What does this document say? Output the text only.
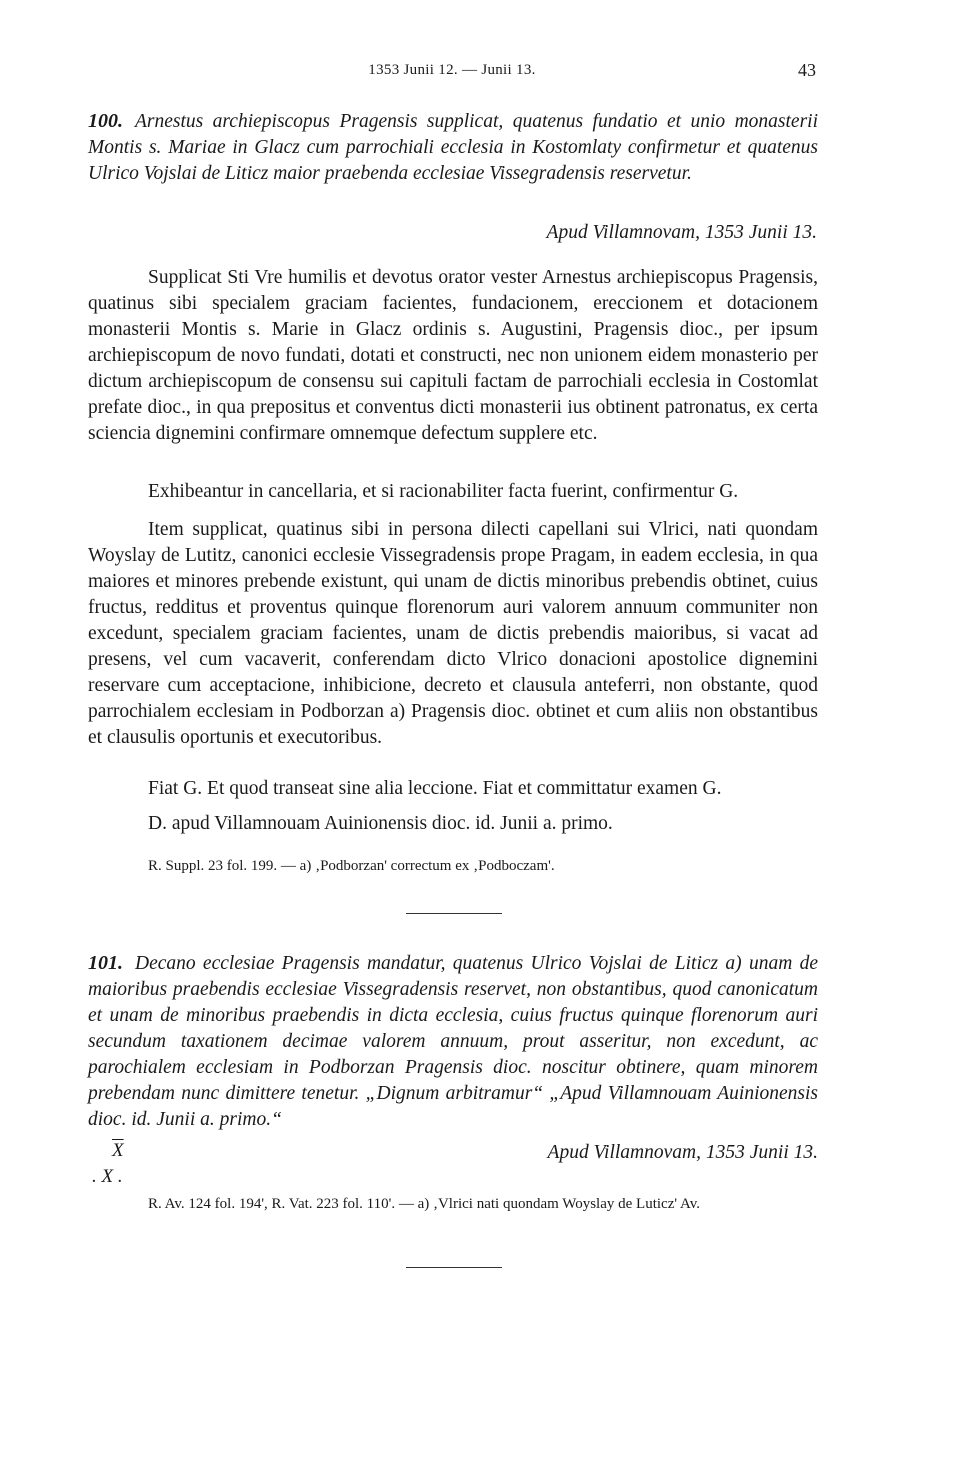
1353 Junii 12. — Junii 13.	43
100. Arnestus archiepiscopus Pragensis supplicat, quatenus fundatio et unio monasterii Montis s. Mariae in Glacz cum parrochiali ecclesia in Kostomlaty confirmetur et quatenus Ulrico Vojslai de Liticz maior praebenda ecclesiae Vissegradensis reservetur.
Apud Villamnovam, 1353 Junii 13.

Supplicat Sti Vre humilis et devotus orator vester Arnestus archiepiscopus Pragensis, quatinus sibi specialem graciam facientes, fundacionem, ereccionem et dotacionem monasterii Montis s. Marie in Glacz ordinis s. Augustini, Pragensis dioc., per ipsum archiepiscopum de novo fundati, dotati et constructi, nec non unionem eidem monasterio per dictum archiepiscopum de consensu sui capituli factam de parrochiali ecclesia in Costomlat prefate dioc., in qua prepositus et conventus dicti monasterii ius obtinent patronatus, ex certa sciencia dignemini confirmare omnemque defectum supplere etc.

Exhibeantur in cancellaria, et si racionabiliter facta fuerint, confirmentur G.

Item supplicat, quatinus sibi in persona dilecti capellani sui Vlrici, nati quondam Woyslay de Lutitz, canonici ecclesie Vissegradensis prope Pragam, in eadem ecclesia, in qua maiores et minores prebende existunt, qui unam de dictis minoribus prebendis obtinet, cuius fructus, redditus et proventus quinque florenorum auri valorem annuum communiter non excedunt, specialem graciam facientes, unam de dictis prebendis maioribus, si vacat ad presens, vel cum vacaverit, conferendam dicto Vlrico donacioni apostolice dignemini reservare cum acceptacione, inhibicione, decreto et clausula anteferri, non obstante, quod parrochialem ecclesiam in Podborzan a) Pragensis dioc. obtinet et cum aliis non obstantibus et clausulis oportunis et executoribus.

Fiat G. Et quod transeat sine alia leccione. Fiat et committatur examen G.
D. apud Villamnouam Auinionensis dioc. id. Junii a. primo.
R. Suppl. 23 fol. 199. — a) ‚Podborzan' correctum ex ‚Podboczam'.
101. Decano ecclesiae Pragensis mandatur, quatenus Ulrico Vojslai de Liticz a) unam de maioribus praebendis ecclesiae Vissegradensis reservet, non obstantibus, quod canonicatum et unam de minoribus praebendis in dicta ecclesia, cuius fructus quinque florenorum auri secundum taxationem decimae valorem annuum, prout asseritur, non excedunt, ac parochialem ecclesiam in Podborzan Pragensis dioc. noscitur obtinere, quam minorem prebendam nunc dimittere tenetur. „Dignum arbitramur“ „Apud Villamnouam Auinionensis dioc. id. Junii a. primo.“
$\overline{X}$
. X .
Apud Villamnovam, 1353 Junii 13.

R. Av. 124 fol. 194', R. Vat. 223 fol. 110'. — a) ‚Vlrici nati quondam Woyslay de Luticz' Av.
